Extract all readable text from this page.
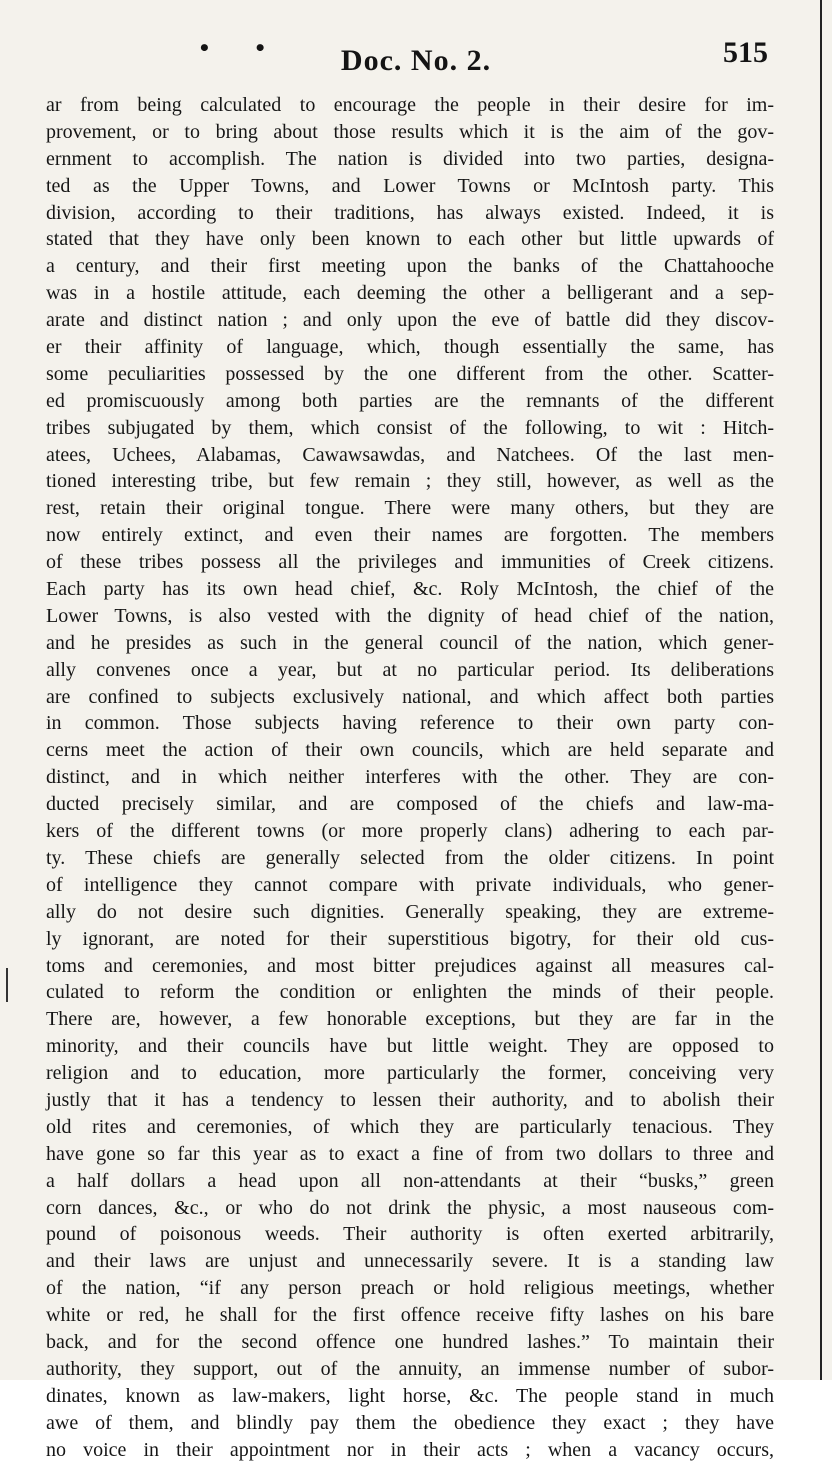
• •	Doc. No. 2.	515
ar from being calculated to encourage the people in their desire for im-
provement, or to bring about those results which it is the aim of the gov-
ernment to accomplish. The nation is divided into two parties, designa-
ted as the Upper Towns, and Lower Towns or McIntosh party. This
division, according to their traditions, has always existed. Indeed, it is
stated that they have only been known to each other but little upwards of
a century, and their first meeting upon the banks of the Chattahooche
was in a hostile attitude, each deeming the other a belligerant and a sep-
arate and distinct nation ; and only upon the eve of battle did they discov-
er their affinity of language, which, though essentially the same, has
some peculiarities possessed by the one different from the other. Scatter-
ed promiscuously among both parties are the remnants of the different
tribes subjugated by them, which consist of the following, to wit : Hitch-
atees, Uchees, Alabamas, Cawawsawdas, and Natchees. Of the last men-
tioned interesting tribe, but few remain ; they still, however, as well as the
rest, retain their original tongue. There were many others, but they are
now entirely extinct, and even their names are forgotten. The members
of these tribes possess all the privileges and immunities of Creek citizens.
Each party has its own head chief, &c. Roly McIntosh, the chief of the
Lower Towns, is also vested with the dignity of head chief of the nation,
and he presides as such in the general council of the nation, which gener-
ally convenes once a year, but at no particular period. Its deliberations
are confined to subjects exclusively national, and which affect both parties
in common. Those subjects having reference to their own party con-
cerns meet the action of their own councils, which are held separate and
distinct, and in which neither interferes with the other. They are con-
ducted precisely similar, and are composed of the chiefs and law-ma-
kers of the different towns (or more properly clans) adhering to each par-
ty. These chiefs are generally selected from the older citizens. In point
of intelligence they cannot compare with private individuals, who gener-
ally do not desire such dignities. Generally speaking, they are extreme-
ly ignorant, are noted for their superstitious bigotry, for their old cus-
toms and ceremonies, and most bitter prejudices against all measures cal-
culated to reform the condition or enlighten the minds of their people.
There are, however, a few honorable exceptions, but they are far in the
minority, and their councils have but little weight. They are opposed to
religion and to education, more particularly the former, conceiving very
justly that it has a tendency to lessen their authority, and to abolish their
old rites and ceremonies, of which they are particularly tenacious. They
have gone so far this year as to exact a fine of from two dollars to three and
a half dollars a head upon all non-attendants at their “busks,” green
corn dances, &c., or who do not drink the physic, a most nauseous com-
pound of poisonous weeds. Their authority is often exerted arbitrarily,
and their laws are unjust and unnecessarily severe. It is a standing law
of the nation, “if any person preach or hold religious meetings, whether
white or red, he shall for the first offence receive fifty lashes on his bare
back, and for the second offence one hundred lashes.” To maintain their
authority, they support, out of the annuity, an immense number of subor-
dinates, known as law-makers, light horse, &c. The people stand in much
awe of them, and blindly pay them the obedience they exact ; they have
no voice in their appointment nor in their acts ; when a vacancy occurs,
